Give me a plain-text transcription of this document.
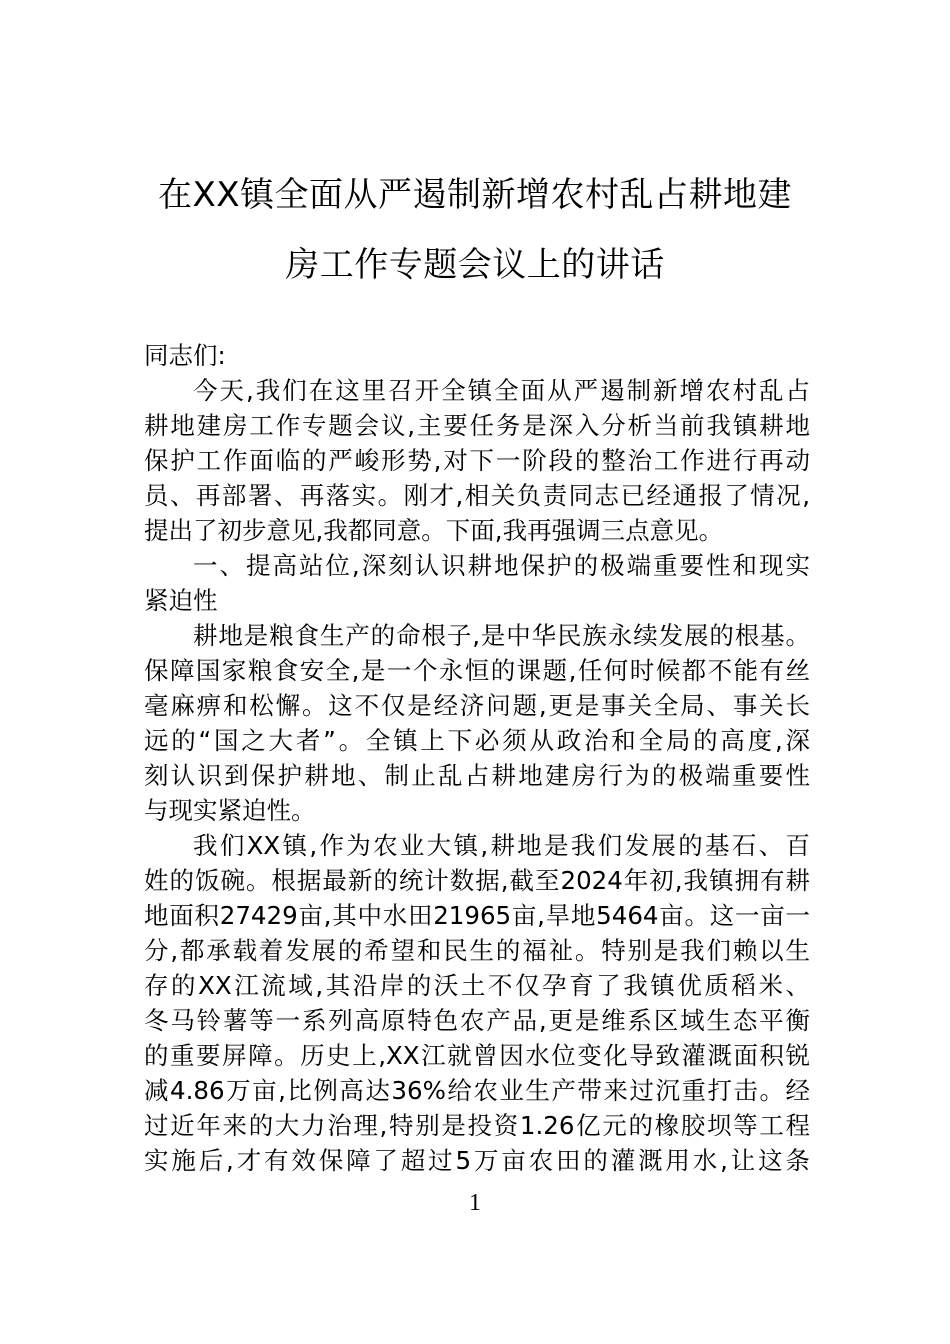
在XX镇全面从严遏制新增农村乱占耕地建
房工作专题会议上的讲话
同志们:
今天,我们在这里召开全镇全面从严遏制新增农村乱占
耕地建房工作专题会议,主要任务是深入分析当前我镇耕地
保护工作面临的严峻形势,对下一阶段的整治工作进行再动
员、再部署、再落实。刚才,相关负责同志已经通报了情况,
提出了初步意见,我都同意。下面,我再强调三点意见。
一、提高站位,深刻认识耕地保护的极端重要性和现实
紧迫性
耕地是粮食生产的命根子,是中华民族永续发展的根基。
保障国家粮食安全,是一个永恒的课题,任何时候都不能有丝
毫麻痹和松懈。这不仅是经济问题,更是事关全局、事关长
远的“国之大者”。全镇上下必须从政治和全局的高度,深
刻认识到保护耕地、制止乱占耕地建房行为的极端重要性
与现实紧迫性。
我们XX镇,作为农业大镇,耕地是我们发展的基石、百
姓的饭碗。根据最新的统计数据,截至2024年初,我镇拥有耕
地面积27429亩,其中水田21965亩,旱地5464亩。这一亩一
分,都承载着发展的希望和民生的福祉。特别是我们赖以生
存的XX江流域,其沿岸的沃土不仅孕育了我镇优质稻米、
冬马铃薯等一系列高原特色农产品,更是维系区域生态平衡
的重要屏障。历史上,XX江就曾因水位变化导致灌溉面积锐
减4.86万亩,比例高达36%给农业生产带来过沉重打击。经
过近年来的大力治理,特别是投资1.26亿元的橡胶坝等工程
实施后,才有效保障了超过5万亩农田的灌溉用水,让这条
1
